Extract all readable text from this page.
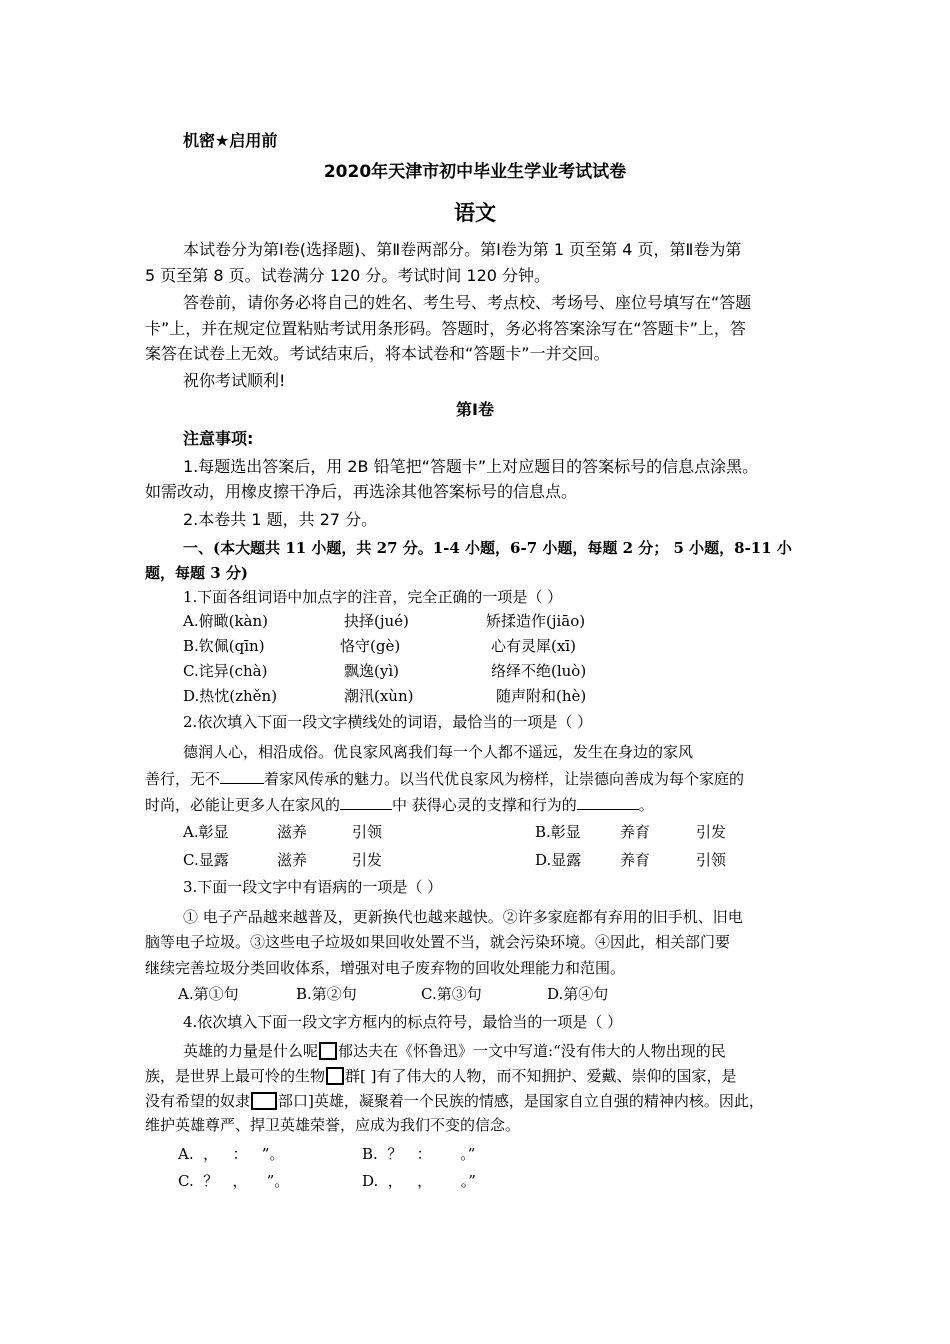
机密★启用前
2020年天津市初中毕业生学业考试试卷
语文
本试卷分为第Ⅰ卷(选择题)、第Ⅱ卷两部分。第Ⅰ卷为第 1 页至第 4 页，第Ⅱ卷为第
5 页至第 8 页。试卷满分 120 分。考试时间 120 分钟。
答卷前，请你务必将自己的姓名、考生号、考点校、考场号、座位号填写在“答题
卡”上，并在规定位置粘贴考试用条形码。答题时，务必将答案涂写在“答题卡”上，答
案答在试卷上无效。考试结束后，将本试卷和“答题卡”一并交回。
祝你考试顺利!
第Ⅰ卷
注意事项:
1.每题选出答案后，用 2B 铅笔把“答题卡”上对应题目的答案标号的信息点涂黑。
如需改动，用橡皮擦干净后，再选涂其他答案标号的信息点。
2.本卷共 1 题，共 27 分。
一、(本大题共 11 小题，共 27 分。1-4 小题，6-7 小题，每题 2 分； 5 小题，8-11 小
题，每题 3 分)
1.下面各组词语中加点字的注音，完全正确的一项是（ ）
A.俯瞰(kàn)	抉择(jué)	矫揉造作(jiāo)
B.钦佩(qīn)	恪守(gè)	心有灵犀(xī)
C.诧异(chà)	飘逸(yì)	络绎不绝(luò)
D.热忱(zhěn)	潮汛(xùn)	随声附和(hè)
2.依次填入下面一段文字横线处的词语，最恰当的一项是（ ）
德润人心，相沿成俗。优良家风离我们每一个人都不遥远，发生在身边的家风
善行，无不	着家风传承的魅力。以当代优良家风为榜样，让崇德向善成为每个家庭的
时尚，必能让更多人在家风的	中 获得心灵的支撑和行为的	。
A.彰显	滋养	引领	B.彰显	养育	引发
C.显露	滋养	引发	D.显露	养育	引领
3.下面一段文字中有语病的一项是（ ）
① 电子产品越来越普及，更新换代也越来越快。②许多家庭都有弃用的旧手机、旧电
脑等电子垃圾。③这些电子垃圾如果回收处置不当，就会污染环境。④因此，相关部门要
继续完善垃圾分类回收体系，增强对电子废弃物的回收处理能力和范围。
A.第①句	B.第②句	C.第③句	D.第④句
4.依次填入下面一段文字方框内的标点符号，最恰当的一项是（ ）
英雄的力量是什么呢 郁达夫在《怀鲁迅》一文中写道:“没有伟大的人物出现的民
族，是世界上最可怜的生物 群[ ]有了伟大的人物，而不知拥护、爱戴、崇仰的国家，是
没有希望的奴隶 部口]英雄，凝聚着一个民族的情感，是国家自立自强的精神内核。因此，
维护英雄尊严、捍卫英雄荣誉，应成为我们不变的信念。
A.  ，   ：   ”。	B.  ？   ：      。”
C.  ？   ，    ”。	D.  ，   ，      。”
